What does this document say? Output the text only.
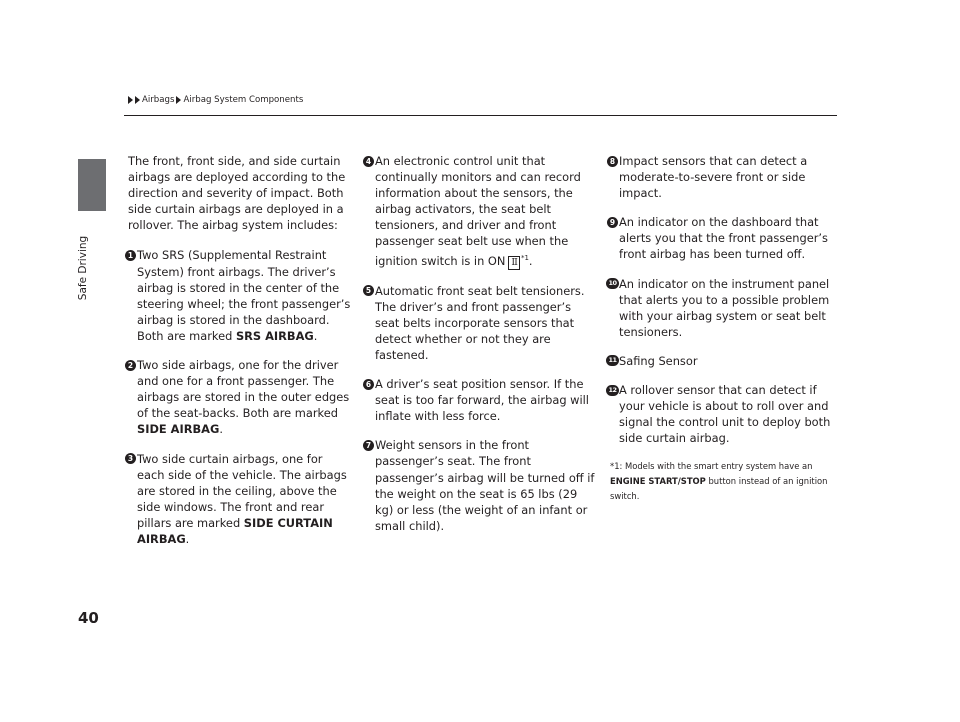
Safe Driving
40
Airbags Airbag System Components

The front, front side, and side curtain airbags are deployed according to the direction and severity of impact. Both side curtain airbags are deployed in a rollover. The airbag system includes:

1 Two SRS (Supplemental Restraint System) front airbags. The driver’s airbag is stored in the center of the steering wheel; the front passenger’s airbag is stored in the dashboard. Both are marked SRS AIRBAG.
2 Two side airbags, one for the driver and one for a front passenger. The airbags are stored in the outer edges of the seat-backs. Both are marked SIDE AIRBAG.
3 Two side curtain airbags, one for each side of the vehicle. The airbags are stored in the ceiling, above the side windows. The front and rear pillars are marked SIDE CURTAIN AIRBAG.
4 An electronic control unit that continually monitors and can record information about the sensors, the airbag activators, the seat belt tensioners, and driver and front passenger seat belt use when the ignition switch is in ON II $^{*1}$.
5 Automatic front seat belt tensioners. The driver’s and front passenger’s seat belts incorporate sensors that detect whether or not they are fastened.
6 A driver’s seat position sensor. If the seat is too far forward, the airbag will inflate with less force.
7 Weight sensors in the front passenger’s seat. The front passenger’s airbag will be turned off if the weight on the seat is 65 lbs (29 kg) or less (the weight of an infant or small child).
8 Impact sensors that can detect a moderate-to-severe front or side impact.
9 An indicator on the dashboard that alerts you that the front passenger’s front airbag has been turned off.
10 An indicator on the instrument panel that alerts you to a possible problem with your airbag system or seat belt tensioners.
11 Safing Sensor
12 A rollover sensor that can detect if your vehicle is about to roll over and signal the control unit to deploy both side curtain airbag.
*1: Models with the smart entry system have an ENGINE START/STOP button instead of an ignition switch.
